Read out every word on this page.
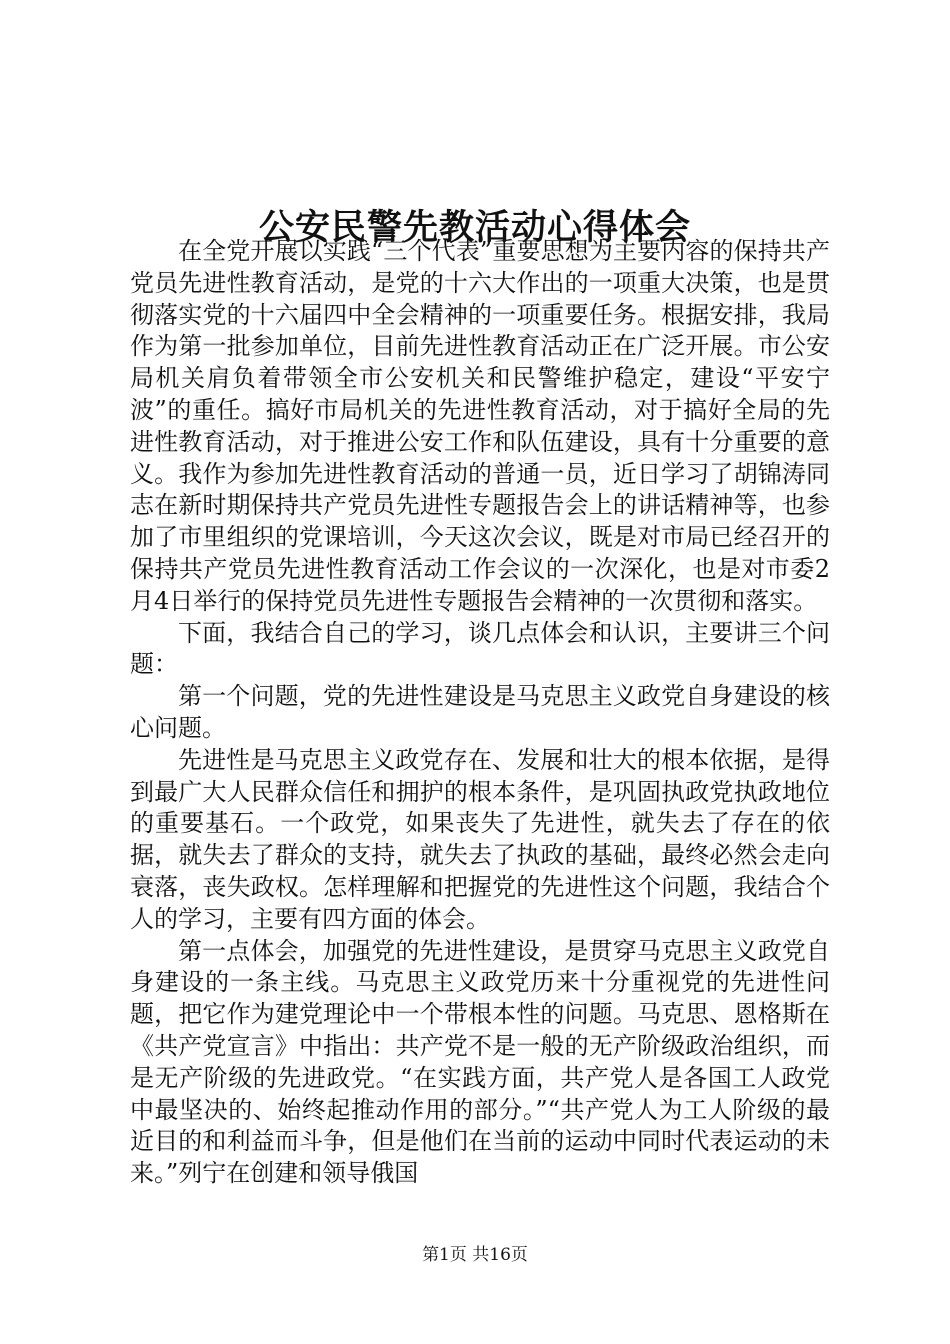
公安民警先教活动心得体会

在全党开展以实践“三个代表”重要思想为主要内容的保持共产党员先进性教育活动，是党的十六大作出的一项重大决策，也是贯彻落实党的十六届四中全会精神的一项重要任务。根据安排，我局作为第一批参加单位，目前先进性教育活动正在广泛开展。市公安局机关肩负着带领全市公安机关和民警维护稳定，建设“平安宁波”的重任。搞好市局机关的先进性教育活动，对于搞好全局的先进性教育活动，对于推进公安工作和队伍建设，具有十分重要的意义。我作为参加先进性教育活动的普通一员，近日学习了胡锦涛同志在新时期保持共产党员先进性专题报告会上的讲话精神等，也参加了市里组织的党课培训，今天这次会议，既是对市局已经召开的保持共产党员先进性教育活动工作会议的一次深化，也是对市委2月4日举行的保持党员先进性专题报告会精神的一次贯彻和落实。

下面，我结合自己的学习，谈几点体会和认识，主要讲三个问题：

第一个问题，党的先进性建设是马克思主义政党自身建设的核心问题。

先进性是马克思主义政党存在、发展和壮大的根本依据，是得到最广大人民群众信任和拥护的根本条件，是巩固执政党执政地位的重要基石。一个政党，如果丧失了先进性，就失去了存在的依据，就失去了群众的支持，就失去了执政的基础，最终必然会走向衰落，丧失政权。怎样理解和把握党的先进性这个问题，我结合个人的学习，主要有四方面的体会。

第一点体会，加强党的先进性建设，是贯穿马克思主义政党自身建设的一条主线。马克思主义政党历来十分重视党的先进性问题，把它作为建党理论中一个带根本性的问题。马克思、恩格斯在《共产党宣言》中指出：共产党不是一般的无产阶级政治组织，而是无产阶级的先进政党。“在实践方面，共产党人是各国工人政党中最坚决的、始终起推动作用的部分。”“共产党人为工人阶级的最近目的和利益而斗争，但是他们在当前的运动中同时代表运动的未来。”列宁在创建和领导俄国

第1页 共16页
